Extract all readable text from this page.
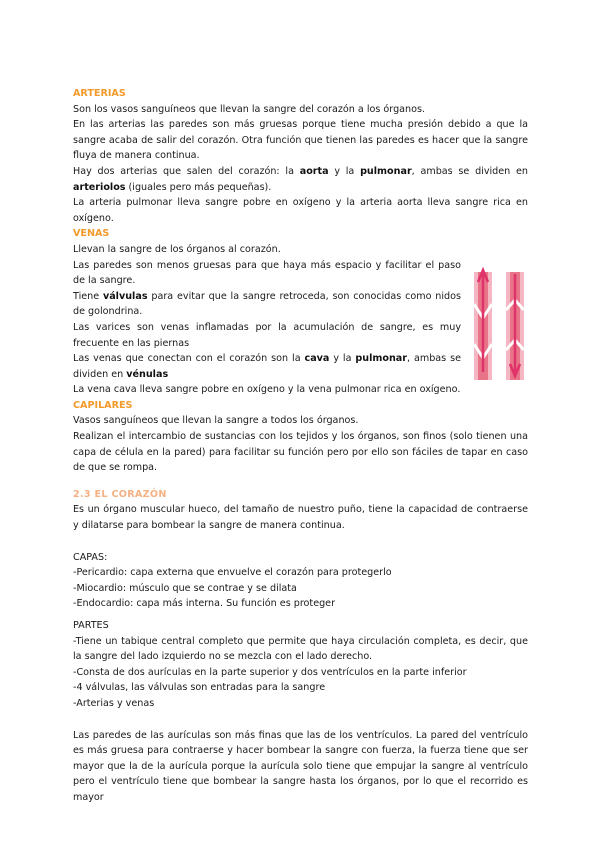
ARTERIAS

Son los vasos sanguíneos que llevan la sangre del corazón a los órganos.

En las arterias las paredes son más gruesas porque tiene mucha presión debido a que la sangre acaba de salir del corazón. Otra función que tienen las paredes es hacer que la sangre fluya de manera continua.

Hay dos arterias que salen del corazón: la aorta y la pulmonar, ambas se dividen en arteriolos (iguales pero más pequeñas).

La arteria pulmonar lleva sangre pobre en oxígeno y la arteria aorta lleva sangre rica en oxígeno.

VENAS

Llevan la sangre de los órganos al corazón.

Las paredes son menos gruesas para que haya más espacio y facilitar el paso de la sangre.

Tiene válvulas para evitar que la sangre retroceda, son conocidas como nidos de golondrina.

Las varices son venas inflamadas por la acumulación de sangre, es muy frecuente en las piernas

Las venas que conectan con el corazón son la cava y la pulmonar, ambas se dividen en vénulas

La vena cava lleva sangre pobre en oxígeno y la vena pulmonar rica en oxígeno.

CAPILARES

Vasos sanguíneos que llevan la sangre a todos los órganos.

Realizan el intercambio de sustancias con los tejidos y los órganos, son finos (solo tienen una capa de célula en la pared) para facilitar su función pero por ello son fáciles de tapar en caso de que se rompa.

2.3 EL CORAZÓN

Es un órgano muscular hueco, del tamaño de nuestro puño, tiene la capacidad de contraerse y dilatarse para bombear la sangre de manera continua.

CAPAS:

-Pericardio: capa externa que envuelve el corazón para protegerlo

-Miocardio: músculo que se contrae y se dilata

-Endocardio: capa más interna. Su función es proteger

PARTES

-Tiene un tabique central completo que permite que haya circulación completa, es decir, que la sangre del lado izquierdo no se mezcla con el lado derecho.

-Consta de dos aurículas en la parte superior y dos ventrículos en la parte inferior

-4 válvulas, las válvulas son entradas para la sangre

-Arterias y venas

Las paredes de las aurículas son más finas que las de los ventrículos. La pared del ventrículo es más gruesa para contraerse y hacer bombear la sangre con fuerza, la fuerza tiene que ser mayor que la de la aurícula porque la aurícula solo tiene que empujar la sangre al ventrículo pero el ventrículo tiene que bombear la sangre hasta los órganos, por lo que el recorrido es mayor
